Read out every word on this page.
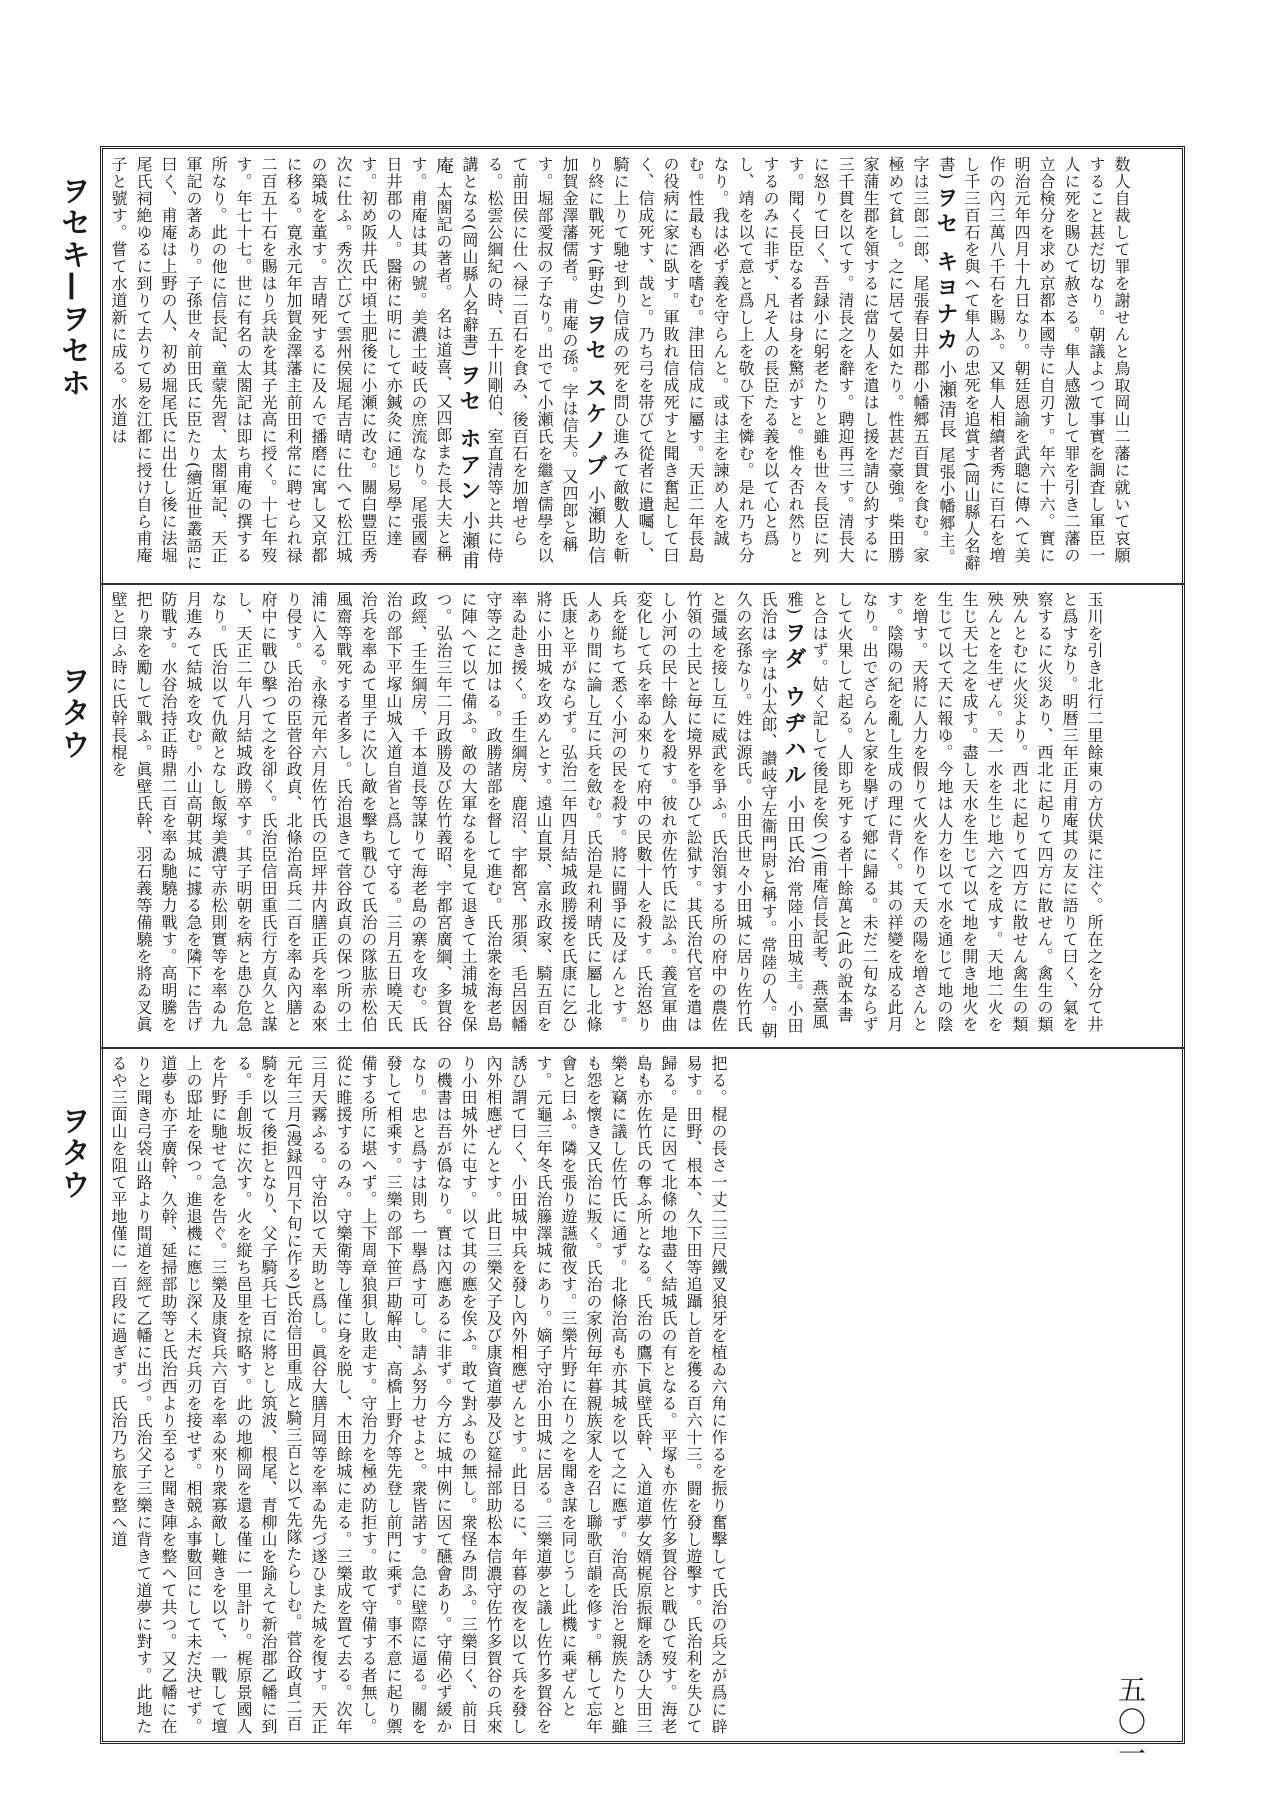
ヲセキ—ヲセホ
ヲタウ
ヲタウ
数人自裁して罪を謝せんと鳥取岡山二藩に就いて哀願すること甚だ切なり。朝議よつて事實を調査し軍臣一人に死を賜ひて赦さる。隼人感激して罪を引き二藩の立合検分を求め京都本國寺に自刃す。年六十六。實に明治元年四月十九日なり。朝廷恩諭を武聰に傳へて美作の內三萬八千石を賜ふ。又隼人相續者秀に百石を増し千三百石を與へて隼人の忠死を追賞す(岡山縣人名辭書) ヲセ キヨナカ 小瀬清長 尾張小幡郷主。 字は三郎二郎、尾張春日井郡小幡郷五百貫を食む。家極めて貧し。之に居て晏如たり。性甚だ豪強。柴田勝家蒲生郡を領するに當り人を遣はし援を請ひ約するに三千貫を以てす。清長之を辭す。聘迎再三す。清長大に怒りて曰く、吾録小に躬老たりと雖も世々長臣に列す。聞く長臣なる者は身を驚がすと。惟々否れ然りとするのみに非ず、凡そ人の長臣たる義を以て心と爲し、靖を以て意と爲し上を敬ひ下を憐む。是れ乃ち分なり。我は必ず義を守らんと。或は主を諫め人を誠む。性最も酒を嗜む。津田信成に屬す。天正二年長島の役病に家に臥す。軍敗れ信成死すと聞き奮起して曰く、信成死す、哉と。乃ち弓を帯びて從者に遺囑し、騎に上りて馳せ到り信成の死を問ひ進みて敵數人を斬り終に戰死す(野史) ヲセ スケノブ 小瀬助信 加賀金澤藩儒者。 甫庵の孫。字は信夫。又四郎と稱す。堀部愛叔の子なり。出でて小瀬氏を繼ぎ儒學を以て前田侯に仕へ禄二百石を食み、後百石を加増せらる。松雲公綱紀の時、五十川剛伯、室直清等と共に侍講となる(岡山縣人名辭書) ヲセ ホアン 小瀬甫庵 太閤記の著者。 名は道喜、又四郎また長大夫と稱す。甫庵は其の號。美濃土岐氏の庶流なり。尾張國春日井郡の人。醫術に明にして亦鍼灸に通じ易學に達す。初め阪井氏中頃土肥後に小瀬に改む。關白豐臣秀次に仕ふ。秀次亡びて雲州侯堀尾吉晴に仕へて松江城の築城を董す。吉晴死するに及んで播磨に寓し又京都に移る。寛永元年加賀金澤藩主前田利常に聘せられ禄二百五十石を賜はり兵訣を其子光高に授く。十七年歿す。年七十七。世に有名の太閤記は即ち甫庵の撰する所なり。此の他に信長記、童蒙先習、太閤軍記、天正軍記の著あり。子孫世々前田氏に臣たり(續近世叢語に曰く、甫庵は上野の人、初め堀尾氏に出仕し後に法堀尾氏祠絶ゆるに到りて去りて易を江都に授け自ら甫庵子と號す。嘗て水道新に成る。水道は
玉川を引き北行二里餘東の方伏渠に注ぐ。所在之を分て井と爲すなり。明暦三年正月甫庵其の友に語りて曰く、氣を察するに火災あり、西北に起りて四方に散せん。禽生の類殃んとむに火災より。西北に起りて四方に散せん禽生の類殃んとを生ぜん。天一水を生じ地六之を成す。天地二火を生じ天七之を成す。盡し天水を生じて以て地を開き地火を生じて以て天に報ゆ。今地は人力を以て水を通じて地の陰を増す。天將に人力を假りて火を作りて天の陽を増さんとす。陰陽の紀を亂し生成の理に背く。其の祥變を成る此月なり。出でざらんと家を擧げて鄕に歸る。未だ二旬ならずして火果して起る。人即ち死する者十餘萬と(此の說本書と合はず。姑く記して後昆を俟つ)(甫庵信長記考、燕臺風雅) ヲダ ウヂハル 小田氏治 常陸小田城主。小田氏治は 字は小太郎、讃岐守左衞門尉と稱す。常陸の人。朝久の玄孫なり。姓は源氏。小田氏世々小田城に居り佐竹氏と彊域を接し互に威武を爭ふ。氏治領する所の府中の農佐竹領の土民と毎に境界を爭ひて訟獄す。其氏治代官を遣はし小河の民十餘人を殺す。彼れ亦佐竹氏に訟ふ。義宣軍曲変化して兵を率ゐ來りて府中の民數十人を殺す。氏治怒り兵を縦ちて悉く小河の民を殺す。將に闘爭に及ばんとす。人あり間に論し互に兵を斂む。氏治是れ利晴氏に屬し北條氏康と平がならず。弘治二年四月結城政勝援を氏康に乞ひ將に小田城を攻めんとす。遠山直景、富永政家、騎五百を率ゐ赴き援く。壬生綱房、鹿沼、宇都宮、那須、毛呂因幡守等之に加はる。政勝諸部を督して進む。氏治衆を海老島に陣へて以て備ふ。敵の大軍なるを見て退きて土浦城を保つ。弘治三年二月政勝及び佐竹義昭、宇都宮廣綱、多賀谷政經、壬生綱房、千本道長等謀りて海老島の寨を攻む。氏治の部下平塚山城入道自省と爲して守る。三月五日曉天氏治兵を率ゐて里子に次し敵を擊ち戰ひて氏治の隊肱赤松伯風齋等戰死する者多し。氏治退きて菅谷政貞の保つ所の土浦に入る。永祿元年六月佐竹氏の臣坪井内膳正兵を率ゐ來り侵す。氏治の臣菅谷政貞、北條治高兵二百を率ゐ內膳と府中に戰ひ擊つて之を卻く。氏治臣信田重氏行方貞久と謀し、天正二年八月結城政勝卒す。其子明朝を病と患ひ危急なり。氏治以て仇敵となし飯塚美濃守赤松則實等を率ゐ九月進みて結城を攻む。小山高朝其城に據る急を隣下に告げ防戰す。水谷治持正時鼎二百を率ゐ馳驍力戰す。高明騰を把り衆を勵して戰ふ。眞壁氏幹、羽石義等備驍を將ゐ叉眞壁と曰ふ時に氏幹長棍を
把る。棍の長さ一丈二三尺鐵叉狼牙を植ゐ六角に作るを振り奮擊して氏治の兵之が爲に辟易す。田野、根本、久下田等追躡し首を獲る百六十三。闘を發し遊擊す。氏治利を失ひて歸る。是に因て北條の地盡く結城氏の有となる。平塚も亦佐竹多賀谷と戰ひて歿す。海老島も亦佐竹氏の奪ふ所となる。氏治の鷹下眞壁氏幹、入道道夢女婿梶原振輝を誘ひ大田三樂と竊に議し佐竹氏に通ず。北條治高も亦其城を以て之に應ず。治高氏治と親族たりと雖も怨を懷き又氏治に叛く。氏治の家例毎年暮親族家人を召し聯歌百韻を修す。稱して忘年會と曰ふ。隣を張り遊讌徹夜す。三樂片野に在り之を聞き謀を同じうし此機に乘ぜんとす。元龜三年冬氏治籐澤城にあり。嫡子守治小田城に居る。三樂道夢と議し佐竹多賀谷を誘ひ謂て曰く、小田城中兵を發し內外相應ぜんとす。此日るに、年暮の夜を以て兵を發し內外相應ぜんとす。此日三樂父子及び康資道夢及び筵掃部助松本信濃守佐竹多賀谷の兵來り小田城外に屯す。以て其の應を俟ふ。敢て對ふもの無し。衆怪み問ふ。三樂曰く、前日の機書は吾が僞なり。實は內應あるに非ず。今方に城中例に因て醼會あり。守備必ず緩かなり。忠と爲すは則ち一擧爲す可し。請ふ努力せよと。衆皆諾す。急に壁際に逼る。關を發して相乘す。三樂の部下笹戸勘解由、高橋上野介等先登し前門に乘ず。事不意に起り禦備する所に堪へず。上下周章狼狽し敗走す。守治力を極め防拒す。敢て守備する者無し。從に睢援するのみ。守樂衛等し僅に身を脱し、木田餘城に走る。三樂成を置て去る。次年三月天霧ふる。守治以て天助と爲し。眞谷大膳月岡等を率ゐ先づ遂ひまた城を復す。天正元年三月(漫録四月下旬に作る)氏治信田重成と騎三百と以て先隊たらしむ。菅谷政貞二百騎を以て後拒となり、父子騎兵七百に將とし筑波、根尾、青柳山を踰えて新治郡乙幡に到る。手創坂に次す。火を縦ち邑里を掠略す。此の地柳岡を還る僅に一里計り。梶原景國人を片野に馳せて急を告ぐ。三樂及康資兵六百を率ゐ來り衆寡敵し難きを以て、一戰して壇上の邸址を保つ。進退機に應じ深く未だ兵刃を接せず。相競ふ事數回にして未だ決せず。道夢も亦子廣幹、久幹、延掃部助等と氏治西より至ると聞き陣を整へて共つ。又乙幡に在りと聞き弓袋山路より間道を經て乙幡に出づ。氏治父子三樂に背きて道夢に對す。此地たるや三面山を阻て平地僅に一百段に過ぎず。氏治乃ち旅を整へ道
五〇一
